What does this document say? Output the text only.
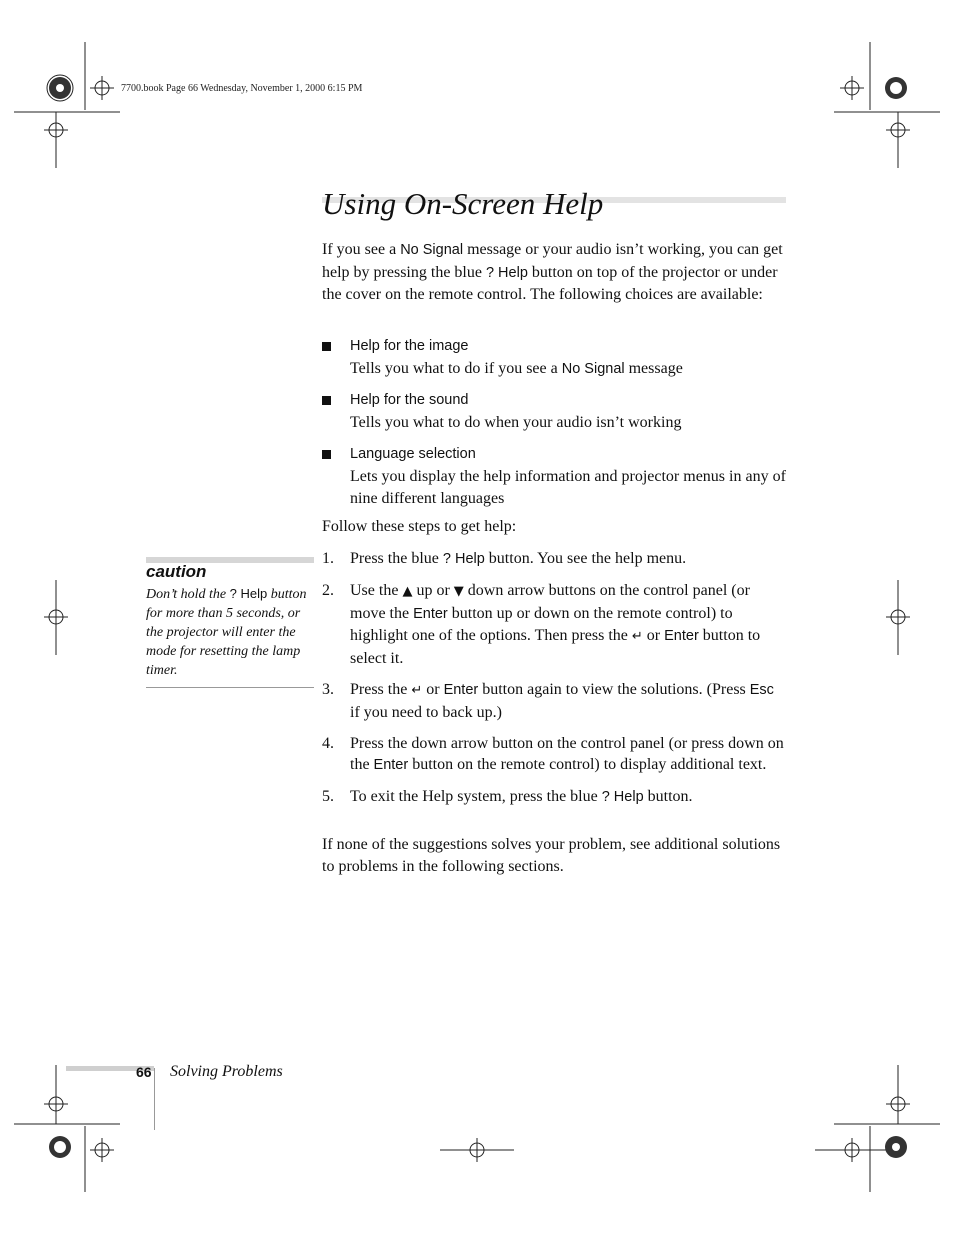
7700.book Page 66 Wednesday, November 1, 2000 6:15 PM
Using On-Screen Help

If you see a No Signal message or your audio isn’t working, you can get help by pressing the blue ? Help button on top of the projector or under the cover on the remote control. The following choices are available:

Help for the image
Tells you what to do if you see a No Signal message
Help for the sound
Tells you what to do when your audio isn’t working
Language selection
Lets you display the help information and projector menus in any of nine different languages

Follow these steps to get help:

1. Press the blue ? Help button. You see the help menu.
2. Use the ▲ up or ▼ down arrow buttons on the control panel (or move the Enter button up or down on the remote control) to highlight one of the options. Then press the ↵ or Enter button to select it.
3. Press the ↵ or Enter button again to view the solutions. (Press Esc if you need to back up.)
4. Press the down arrow button on the control panel (or press down on the Enter button on the remote control) to display additional text.
5. To exit the Help system, press the blue ? Help button.

If none of the suggestions solves your problem, see additional solutions to problems in the following sections.

caution
Don’t hold the ? Help button for more than 5 seconds, or the projector will enter the mode for resetting the lamp timer.
66 Solving Problems
